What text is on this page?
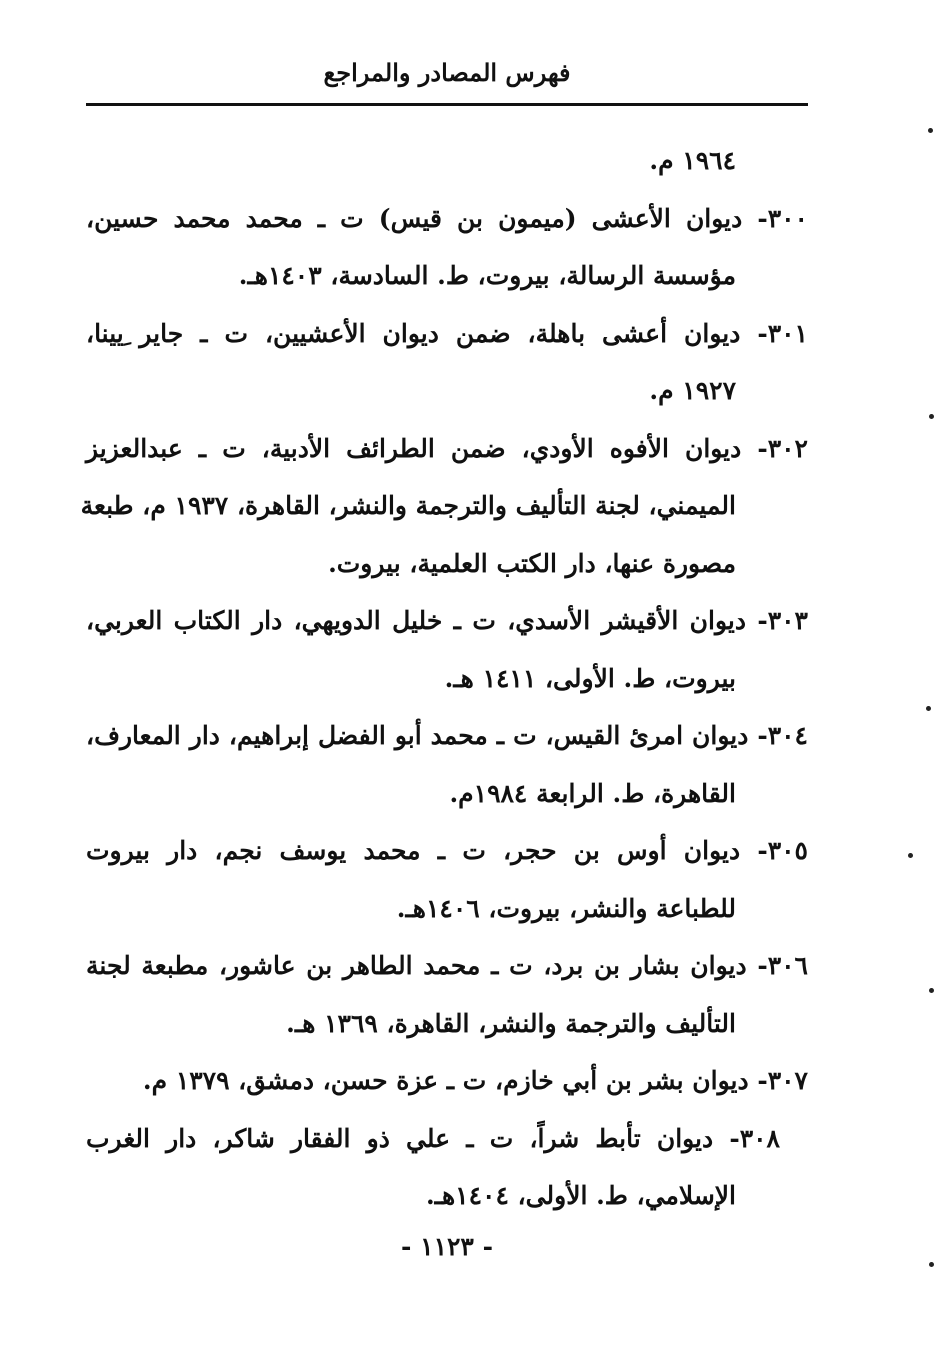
فهرس المصادر والمراجع
١٩٦٤ م.
٣٠٠- ديوان الأعشى (ميمون بن قيس) ت ـ محمد محمد حسين،
مؤسسة الرسالة، بيروت، ط. السادسة، ١٤٠٣هـ.
٣٠١- ديوان أعشى باهلة، ضمن ديوان الأعشيين، ت ـ جاير ِيينا،
١٩٢٧ م.
٣٠٢- ديوان الأفوه الأودي، ضمن الطرائف الأدبية، ت ـ عبدالعزيز
الميمني، لجنة التأليف والترجمة والنشر، القاهرة، ١٩٣٧ م، طبعة
مصورة عنها، دار الكتب العلمية، بيروت.
٣٠٣- ديوان الأقيشر الأسدي، ت ـ خليل الدويهي، دار الكتاب العربي،
بيروت، ط. الأولى، ١٤١١ هـ.
٣٠٤- ديوان امرئ القيس، ت ـ محمد أبو الفضل إبراهيم، دار المعارف،
القاهرة، ط. الرابعة ١٩٨٤م.
٣٠٥- ديوان أوس بن حجر، ت ـ محمد يوسف نجم، دار بيروت
للطباعة والنشر، بيروت، ١٤٠٦هـ.
٣٠٦- ديوان بشار بن برد، ت ـ محمد الطاهر بن عاشور، مطبعة لجنة
التأليف والترجمة والنشر، القاهرة، ١٣٦٩ هـ.
٣٠٧- ديوان بشر بن أبي خازم، ت ـ عزة حسن، دمشق، ١٣٧٩ م.
٣٠٨- ديوان تأبط شراً، ت ـ علي ذو الفقار شاكر، دار الغرب
الإسلامي، ط. الأولى، ١٤٠٤هـ.
- ١١٢٣ -
